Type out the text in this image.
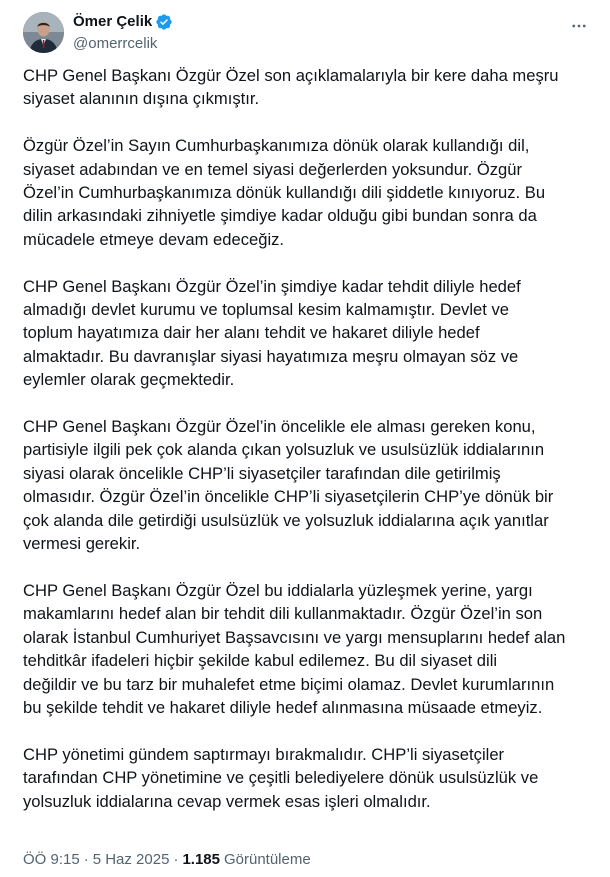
Ömer Çelik
@omerrcelik

CHP Genel Başkanı Özgür Özel son açıklamalarıyla bir kere daha meşru
siyaset alanının dışına çıkmıştır.

Özgür Özel’in Sayın Cumhurbaşkanımıza dönük olarak kullandığı dil,
siyaset adabından ve en temel siyasi değerlerden yoksundur. Özgür
Özel’in Cumhurbaşkanımıza dönük kullandığı dili şiddetle kınıyoruz. Bu
dilin arkasındaki zihniyetle şimdiye kadar olduğu gibi bundan sonra da
mücadele etmeye devam edeceğiz.

CHP Genel Başkanı Özgür Özel’in şimdiye kadar tehdit diliyle hedef
almadığı devlet kurumu ve toplumsal kesim kalmamıştır. Devlet ve
toplum hayatımıza dair her alanı tehdit ve hakaret diliyle hedef
almaktadır. Bu davranışlar siyasi hayatımıza meşru olmayan söz ve
eylemler olarak geçmektedir.

CHP Genel Başkanı Özgür Özel’in öncelikle ele alması gereken konu,
partisiyle ilgili pek çok alanda çıkan yolsuzluk ve usulsüzlük iddialarının
siyasi olarak öncelikle CHP’li siyasetçiler tarafından dile getirilmiş
olmasıdır. Özgür Özel’in öncelikle CHP’li siyasetçilerin CHP’ye dönük bir
çok alanda dile getirdiği usulsüzlük ve yolsuzluk iddialarına açık yanıtlar
vermesi gerekir.

CHP Genel Başkanı Özgür Özel bu iddialarla yüzleşmek yerine, yargı
makamlarını hedef alan bir tehdit dili kullanmaktadır. Özgür Özel’in son
olarak İstanbul Cumhuriyet Başsavcısını ve yargı mensuplarını hedef alan
tehditkâr ifadeleri hiçbir şekilde kabul edilemez. Bu dil siyaset dili
değildir ve bu tarz bir muhalefet etme biçimi olamaz. Devlet kurumlarının
bu şekilde tehdit ve hakaret diliyle hedef alınmasına müsaade etmeyiz.

CHP yönetimi gündem saptırmayı bırakmalıdır. CHP’li siyasetçiler
tarafından CHP yönetimine ve çeşitli belediyelere dönük usulsüzlük ve
yolsuzluk iddialarına cevap vermek esas işleri olmalıdır.

ÖÖ 9:15 · 5 Haz 2025 · 1.185 Görüntüleme
